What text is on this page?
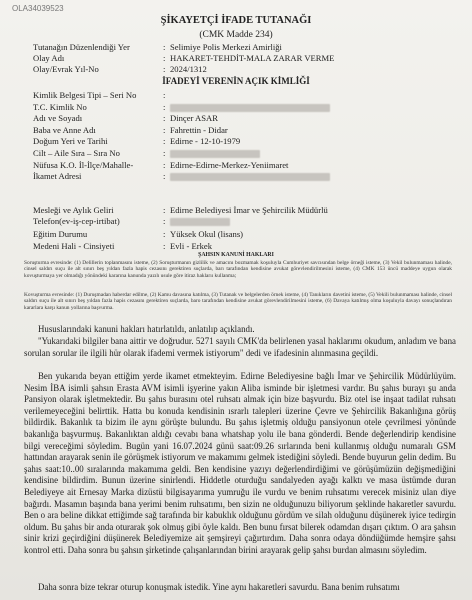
OLA34039523
ŞİKAYETÇİ İFADE TUTANAĞI
(CMK Madde 234)
Tutanağın Düzenlendiği Yer	: Selimiye Polis Merkezi Amirliği
Olay Adı	: HAKARET-TEHDİT-MALA ZARAR VERME
Olay/Evrak Yıl-No	: 2024/1312
İFADEYİ VERENİN AÇIK KİMLİĞİ
Kimlik Belgesi Tipi – Seri No	:
T.C. Kimlik No	:
Adı ve Soyadı	: Dinçer ASAR
Baba ve Anne Adı	: Fahrettin - Didar
Doğum Yeri ve Tarihi	: Edirne - 12-10-1979
Cilt – Aile Sıra – Sıra No	:
Nüfusa K.O. İl-İlçe/Mahalle-	: Edirne-Edirne-Merkez-Yeniimaret
İkamet Adresi	:
Mesleği ve Aylık Geliri	: Edirne Belediyesi İmar ve Şehircilik Müdürlü
Telefon(ev-iş-cep-irtibat)	:
Eğitim Durumu	: Yüksek Okul (lisans)
Medeni Hali - Cinsiyeti	: Evli - Erkek
ŞAHSIN KANUNİ HAKLARI
Soruşturma evresinde: (1) Delillerin toplanmasını isteme, (2) Soruşturmanın gizlilik ve amacını bozmamak koşuluyla Cumhuriyet savcısından belge örneği isteme, (3) Vekil bulunmaması halinde, cinsel saldırı suçu ile alt sınırı beş yıldan fazla hapis cezasını gerektiren suçlarda, barı tarafından kendisine avukat görevlendirilmesini isteme, (4) CMK 153 üncü maddeye uygun olarak kovuşturmaya yer olmadığı yönündeki kararına kanunda yazılı usule göre itiraz haklarıı kullanma;
Kovuşturma evresinde: (1) Duruşmadan haberdar edilme, (2) Kamu davasına katılma, (3) Tutanak ve belgelerden örnek isteme, (4) Tanıkların davetini isteme, (5) Vekili bulunmaması halinde, cinsel saldırı suçu ile alt sınırı beş yıldan fazla hapis cezasını gerektiren suçlarda, baro tarafından kendisine avukat görevlendirilmesini isteme, (6) Davaya katılmış olma koşuluyla davayı sonuçlandıran kararlara karşı kanun yollarına başvurma.

Hususlarındaki kanuni hakları hatırlatıldı, anlatılıp açıklandı.

"Yukarıdaki bilgiler bana aittir ve doğrudur. 5271 sayılı CMK'da belirlenen yasal haklarımı okudum, anladım ve bana sorulan sorular ile ilgili hür olarak ifademi vermek istiyorum" dedi ve ifadesinin alınmasına geçildi.

Ben yukarıda beyan ettiğim yerde ikamet etmekteyim. Edirne Belediyesine bağlı İmar ve Şehircilik Müdürlüyüm. Nesim İBA isimli şahsın Erasta AVM isimli işyerine yakın Aliba isminde bir işletmesi vardır. Bu şahıs burayı şu anda Pansiyon olarak işletmektedir. Bu şahıs burasını otel ruhsatı almak için bize başvurdu. Biz otel ise inşaat tadilat ruhsatı verilemeyeceğini belirttik. Hatta bu konuda kendisinin ısrarlı talepleri üzerine Çevre ve Şehircilik Bakanlığına görüş bildirdik. Bakanlık ta bizim ile aynı görüşte bulundu. Bu şahıs işletmiş olduğu pansiyonun otele çevrilmesi yönünde bakanlığa başvurmuş. Bakanlıktan aldığı cevabı bana whatshap yolu ile bana gönderdi. Bende değerlendirip kendisine bilgi vereceğimi söyledim. Bugün yani 16.07.2024 günü saat:09.26 sırlarında beni kullanmış olduğu numaralı GSM hattından arayarak senin ile görüşmek istiyorum ve makamımı gelmek istediğini söyledi. Bende buyurun gelin dedim. Bu şahıs saat:10..00 sıralarında makamıma geldi. Ben kendisine yazıyı değerlendirdiğimi ve görüşümüzün değişmediğini kendisine bildirdim. Bunun üzerine sinirlendi. Hiddetle oturduğu sandalyeden ayağı kalktı ve masa üstümde duran Belediyeye ait Ernesay Marka dizüstü bilgisayarıma yumruğu ile vurdu ve benim ruhsatımı verecek misiniz ulan diye bağırdı. Masamın başında bana yerimi benim ruhsatımı, ben sizin ne olduğunuzu biliyorum şeklinde hakaretler savurdu. Ben o ara beline dikkat ettiğimde sağ tarafında bir kabuklık olduğunu gördüm ve silah olduğunu düşünerek iyice tedirgin oldum. Bu şahıs bir anda oturarak şok olmuş gibi öyle kaldı. Ben bunu fırsat bilerek odamdan dışarı çıktım. O ara şahsın sinir krizi geçirdiğini düşünerek Belediyemize ait şemşireyi çağırtırdım. Daha sonra odaya döndüğümde hemşire şahsı kontrol etti. Daha sonra bu şahsın şirketinde çalışanlarından birini arayarak gelip şahsı burdan almasını söyledim.

Daha sonra bize tekrar oturup konuşmak istedik. Yine aynı hakaretleri savurdu. Bana benim ruhsatımı
